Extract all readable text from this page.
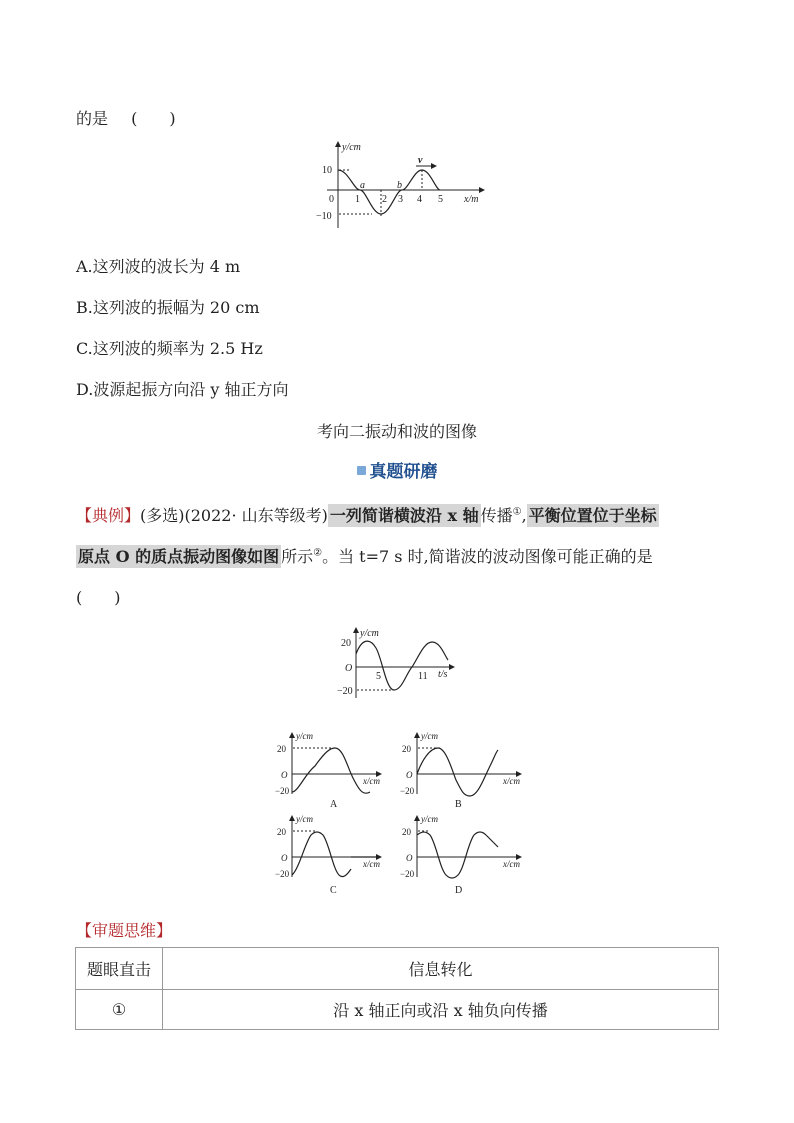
的是 (　　)
y/cm
x/m
10
−10
0 1 2 3 4 5
a	b
v
A.这列波的波长为 4 m
B.这列波的振幅为 20 cm
C.这列波的频率为 2.5 Hz
D.波源起振方向沿 y 轴正方向
考向二振动和波的图像
真题研磨
【典例】(多选)(2022· 山东等级考) 一列简谐横波沿 x 轴 传播①, 平衡位置位于坐标
原点 O 的质点振动图像如图 所示②。当 t=7 s 时,简谐波的波动图像可能正确的是
(　　)
y/cm
t/s
20
O
−20
5	11
y/cm
x/cm
20
O
−20
A
y/cm
x/cm
20
O
−20
B
y/cm
x/cm
20
O
−20
C
y/cm
x/cm
20
O
−20
D
【审题思维】
题眼直击	信息转化
①	沿 x 轴正向或沿 x 轴负向传播
